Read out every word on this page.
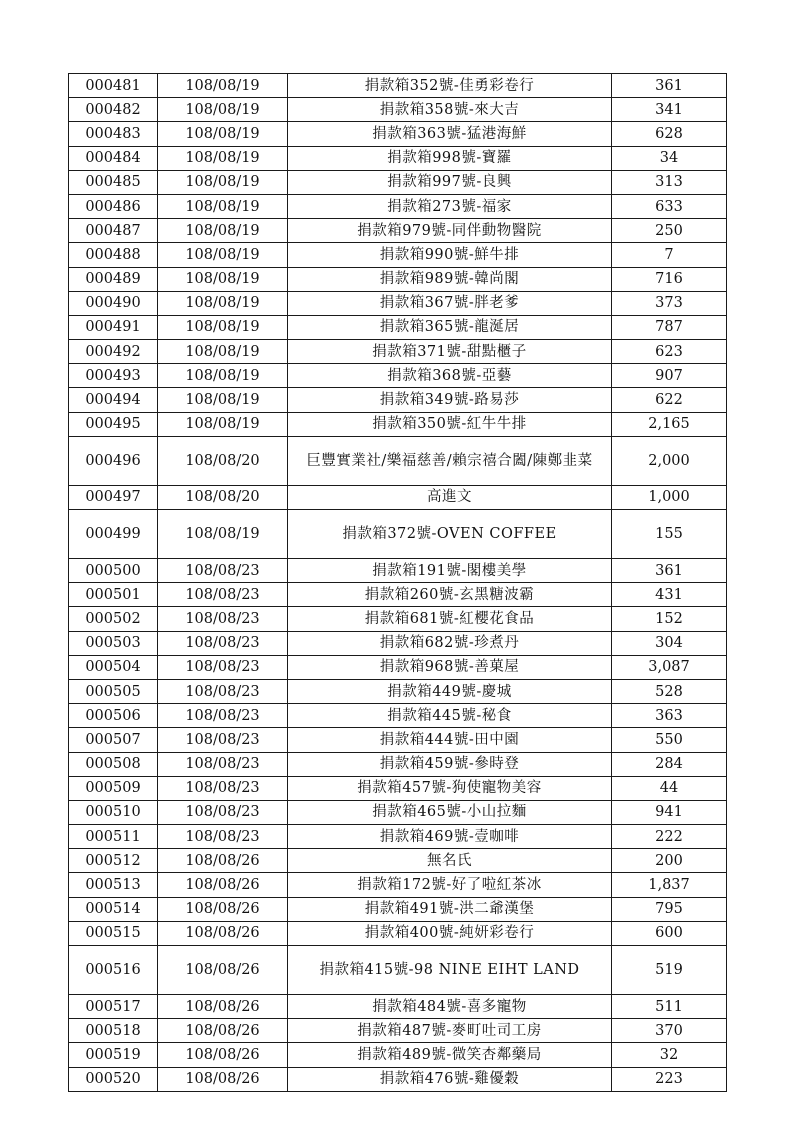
000481	108/08/19	捐款箱352號-佳勇彩卷行	361
000482	108/08/19	捐款箱358號-來大吉	341
000483	108/08/19	捐款箱363號-猛港海鮮	628
000484	108/08/19	捐款箱998號-寶羅	34
000485	108/08/19	捐款箱997號-良興	313
000486	108/08/19	捐款箱273號-福家	633
000487	108/08/19	捐款箱979號-同伴動物醫院	250
000488	108/08/19	捐款箱990號-鮮牛排	7
000489	108/08/19	捐款箱989號-韓尚閣	716
000490	108/08/19	捐款箱367號-胖老爹	373
000491	108/08/19	捐款箱365號-龍涎居	787
000492	108/08/19	捐款箱371號-甜點櫃子	623
000493	108/08/19	捐款箱368號-亞藝	907
000494	108/08/19	捐款箱349號-路易莎	622
000495	108/08/19	捐款箱350號-紅牛牛排	2,165
000496	108/08/20	巨豐實業社/樂福慈善/賴宗禧合闔/陳鄭韭菜	2,000
000497	108/08/20	高進文	1,000
000499	108/08/19	捐款箱372號-OVEN COFFEE	155
000500	108/08/23	捐款箱191號-閣樓美學	361
000501	108/08/23	捐款箱260號-玄黑糖波霸	431
000502	108/08/23	捐款箱681號-紅櫻花食品	152
000503	108/08/23	捐款箱682號-珍煮丹	304
000504	108/08/23	捐款箱968號-善菓屋	3,087
000505	108/08/23	捐款箱449號-慶城	528
000506	108/08/23	捐款箱445號-秘食	363
000507	108/08/23	捐款箱444號-田中園	550
000508	108/08/23	捐款箱459號-參時登	284
000509	108/08/23	捐款箱457號-狗使寵物美容	44
000510	108/08/23	捐款箱465號-小山拉麵	941
000511	108/08/23	捐款箱469號-壹咖啡	222
000512	108/08/26	無名氏	200
000513	108/08/26	捐款箱172號-好了啦紅茶冰	1,837
000514	108/08/26	捐款箱491號-洪二爺漢堡	795
000515	108/08/26	捐款箱400號-純妍彩卷行	600
000516	108/08/26	捐款箱415號-98 NINE EIHT LAND	519
000517	108/08/26	捐款箱484號-喜多寵物	511
000518	108/08/26	捐款箱487號-麥町吐司工房	370
000519	108/08/26	捐款箱489號-微笑杏鄰藥局	32
000520	108/08/26	捐款箱476號-雞優穀	223
